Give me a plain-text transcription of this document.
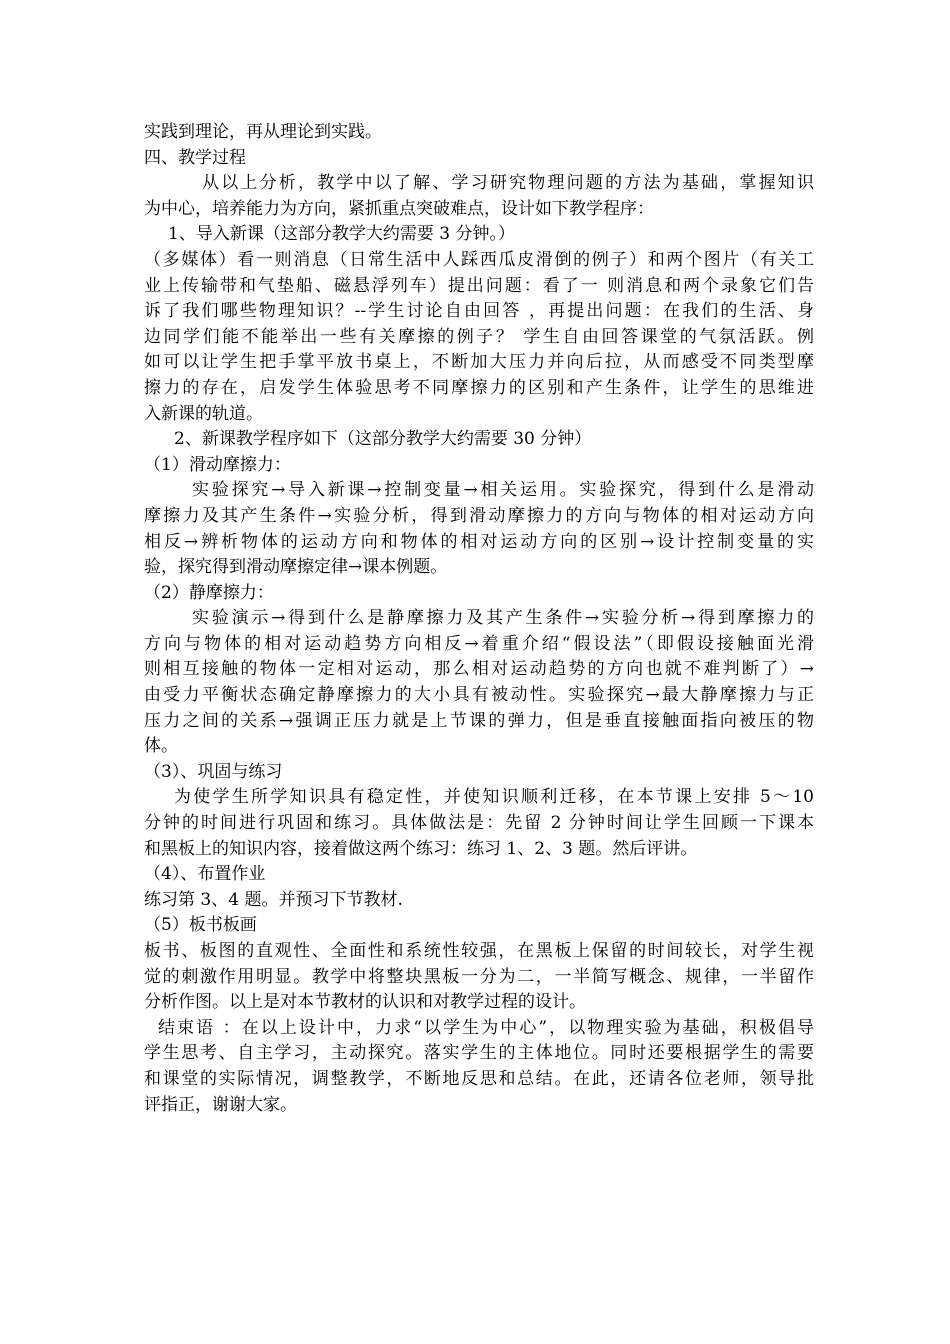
实践到理论，再从理论到实践。
四、教学过程
从以上分析，教学中以了解、学习研究物理问题的方法为基础，掌握知识
为中心，培养能力为方向，紧抓重点突破难点，设计如下教学程序：
1、导入新课（这部分教学大约需要 3 分钟。）
（多媒体）看一则消息（日常生活中人踩西瓜皮滑倒的例子）和两个图片（有关工
业上传输带和气垫船、磁悬浮列车）提出问题：看了一 则消息和两个录象它们告
诉了我们哪些物理知识？--学生讨论自由回答 ，再提出问题：在我们的生活、身
边同学们能不能举出一些有关摩擦的例子？ 学生自由回答课堂的气氛活跃。例
如可以让学生把手掌平放书桌上，不断加大压力并向后拉，从而感受不同类型摩
擦力的存在，启发学生体验思考不同摩擦力的区别和产生条件，让学生的思维进
入新课的轨道。
2、新课教学程序如下（这部分教学大约需要 30 分钟）
（1）滑动摩擦力：
实验探究→导入新课→控制变量→相关运用。实验探究，得到什么是滑动
摩擦力及其产生条件→实验分析，得到滑动摩擦力的方向与物体的相对运动方向
相反→辨析物体的运动方向和物体的相对运动方向的区别→设计控制变量的实
验，探究得到滑动摩擦定律→课本例题。
（2）静摩擦力：
实验演示→得到什么是静摩擦力及其产生条件→实验分析→得到摩擦力的
方向与物体的相对运动趋势方向相反→着重介绍“假设法”（即假设接触面光滑
则相互接触的物体一定相对运动，那么相对运动趋势的方向也就不难判断了）→
由受力平衡状态确定静摩擦力的大小具有被动性。实验探究→最大静摩擦力与正
压力之间的关系→强调正压力就是上节课的弹力，但是垂直接触面指向被压的物
体。
（3）、巩固与练习
为使学生所学知识具有稳定性，并使知识顺利迁移，在本节课上安排 5～10
分钟的时间进行巩固和练习。具体做法是：先留 2 分钟时间让学生回顾一下课本
和黑板上的知识内容，接着做这两个练习：练习 1、2、3 题。然后评讲。
（4）、布置作业
练习第 3、4 题。并预习下节教材.
（5）板书板画
板书、板图的直观性、全面性和系统性较强，在黑板上保留的时间较长，对学生视
觉的刺激作用明显。教学中将整块黑板一分为二，一半简写概念、规律，一半留作
分析作图。以上是对本节教材的认识和对教学过程的设计。
结束语 ：在以上设计中，力求“以学生为中心”，以物理实验为基础，积极倡导
学生思考、自主学习，主动探究。落实学生的主体地位。同时还要根据学生的需要
和课堂的实际情况，调整教学，不断地反思和总结。在此，还请各位老师，领导批
评指正，谢谢大家。
